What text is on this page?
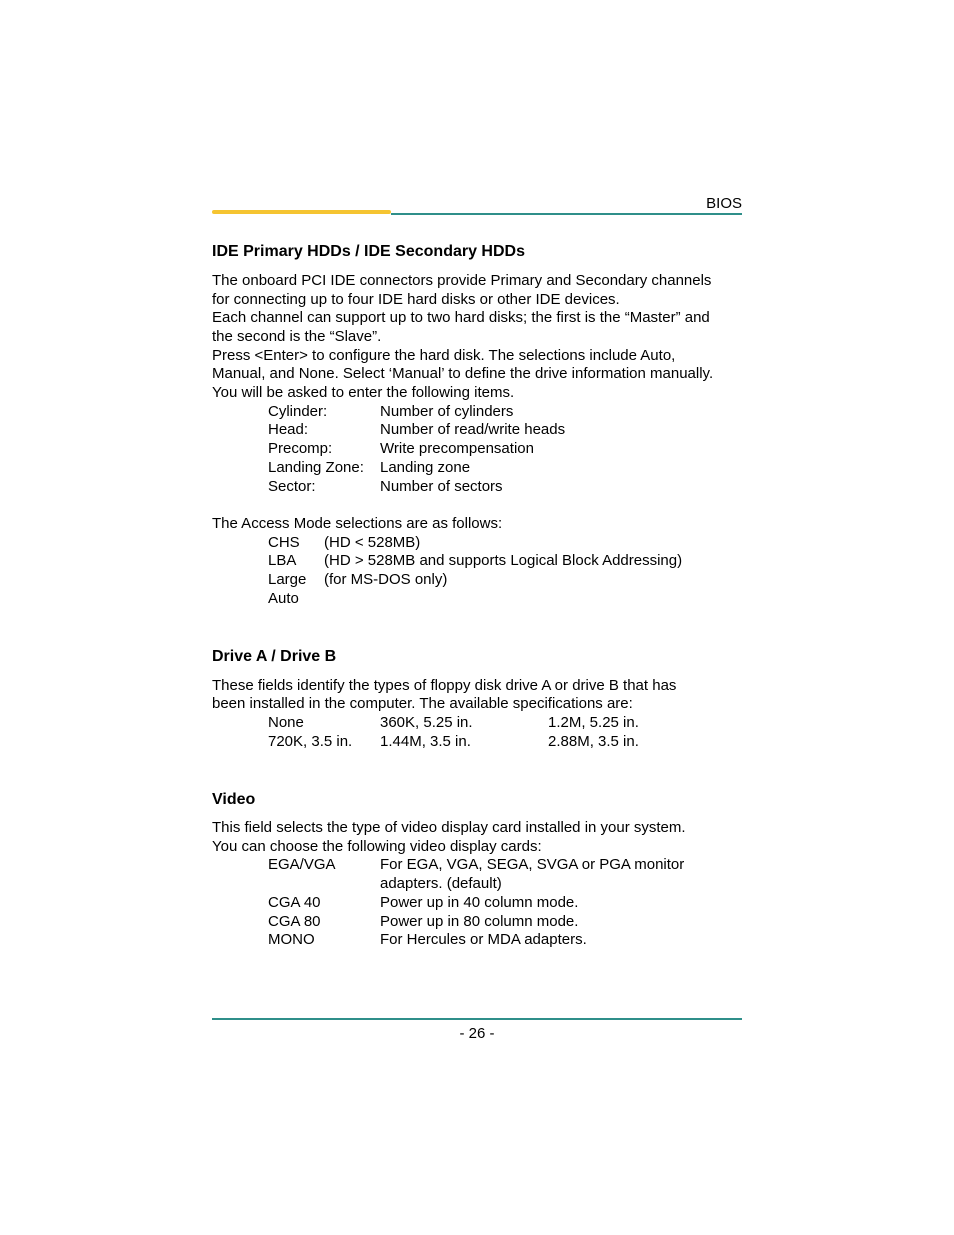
BIOS
IDE Primary HDDs / IDE Secondary HDDs
The onboard PCI IDE connectors provide Primary and Secondary channels
for connecting up to four IDE hard disks or other IDE devices.
Each channel can support up to two hard disks; the first is the “Master” and
the second is the “Slave”.
Press <Enter> to configure the hard disk. The selections include Auto,
Manual, and None. Select ‘Manual’ to define the drive information manually.
You will be asked to enter the following items.
Cylinder:	Number of cylinders
Head:	Number of read/write heads
Precomp:	Write precompensation
Landing Zone: Landing zone
Sector:	Number of sectors
The Access Mode selections are as follows:
CHS (HD < 528MB)
LBA (HD > 528MB and supports Logical Block Addressing)
Large (for MS-DOS only)
Auto
Drive A / Drive B
These fields identify the types of floppy disk drive A or drive B that has
been installed in the computer. The available specifications are:
None	360K, 5.25 in.	1.2M, 5.25 in.
720K, 3.5 in. 1.44M, 3.5 in.	2.88M, 3.5 in.
Video
This field selects the type of video display card installed in your system.
You can choose the following video display cards:
EGA/VGA	For EGA, VGA, SEGA, SVGA or PGA monitor
adapters. (default)
CGA 40	Power up in 40 column mode.
CGA 80	Power up in 80 column mode.
MONO	For Hercules or MDA adapters.
- 26 -
